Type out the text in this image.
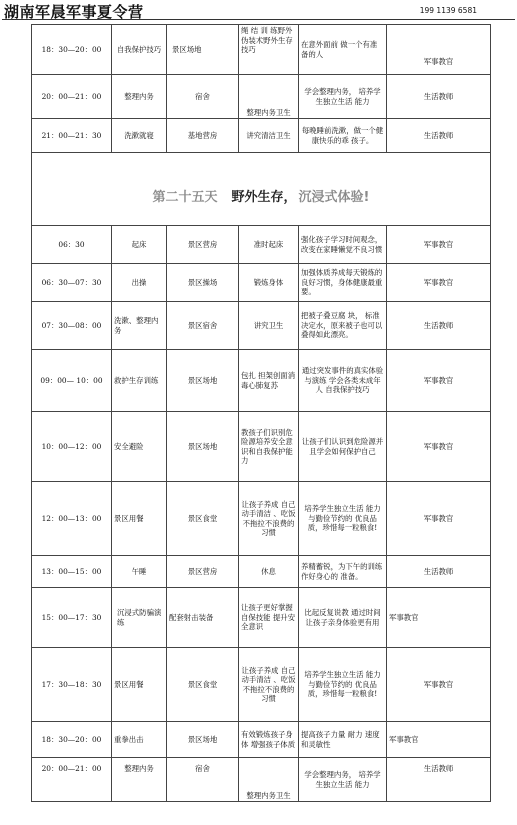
湖南军晨军事夏令营	199 1139 6581
18：30—20：00	自我保护技巧	景区场地	绳 结 训 练野外伪装术野外生存技巧	在意外面前 做一个有准备的人	军事教官
20：00—21：00	整理内务	宿舍	整理内务卫生	学会整理内务， 培养学生独立生活 能力	生活教师
21：00—21：30	洗漱就寝	基地营房	讲究清洁卫生	每晚睡前洗漱，做一个健康快乐的乖 孩子。	生活教师
第二十五天 野外生存， 沉浸式体验!					
06：30	起床	景区营房	准时起床	强化孩子学习时间观念，改变在家睡懒觉不良习惯	军事教官
06：30—07：30	出操	景区操场	锻炼身体	加强体质养成每天锻炼的良好习惯，身体健康最重要。	军事教官
07：30—08：00	洗漱、整理内务	景区宿舍	讲究卫生	把被子叠豆腐 块， 标准 决定水，原来被子也可以叠得如此漂亮。	生活教师
09：00— 10：00	救护生存训练	景区场地	包扎 担架创面消毒心肺复苏	通过突发事件的真实体验与演练 学会各类未成年人 自我保护技巧	军事教官
10：00—12：00	安全避险	景区场地	教孩子们识别危险源培养安全意识和自我保护能力	让孩子们认识到危险源并且学会如何保护自己	军事教官
12：00—13：00	景区用餐	景区食堂	让孩子养成 自己动手清洁 、吃饭不拖拉不浪费的习惯	培养学生独立生活 能力与勤俭节约的 优良品质，珍惜每一粒粮食!	军事教官
13：00—15：00	午睡	景区营房	休息	养精蓄锐，为下午的训练作好身心的 准备。	生活教师
15：00—17：30	沉浸式防骗演练	配套射击装备	让孩子更好掌握自保技能 提升安全意识	比起反复说教 通过时间让孩子亲身体验更有用	军事教官
17：30—18：30	景区用餐	景区食堂	让孩子养成 自己动手清洁 、吃饭不拖拉不浪费的习惯	培养学生独立生活 能力与勤俭节约的 优良品质，珍惜每一粒粮食!	军事教官
18：30—20：00	重拳出击	景区场地	有效锻炼孩子身体 增强孩子体质	提高孩子力量 耐力 速度和灵敏性	军事教官
20：00—21：00	整理内务	宿舍	整理内务卫生	学会整理内务， 培养学生独立生活 能力	生活教师
